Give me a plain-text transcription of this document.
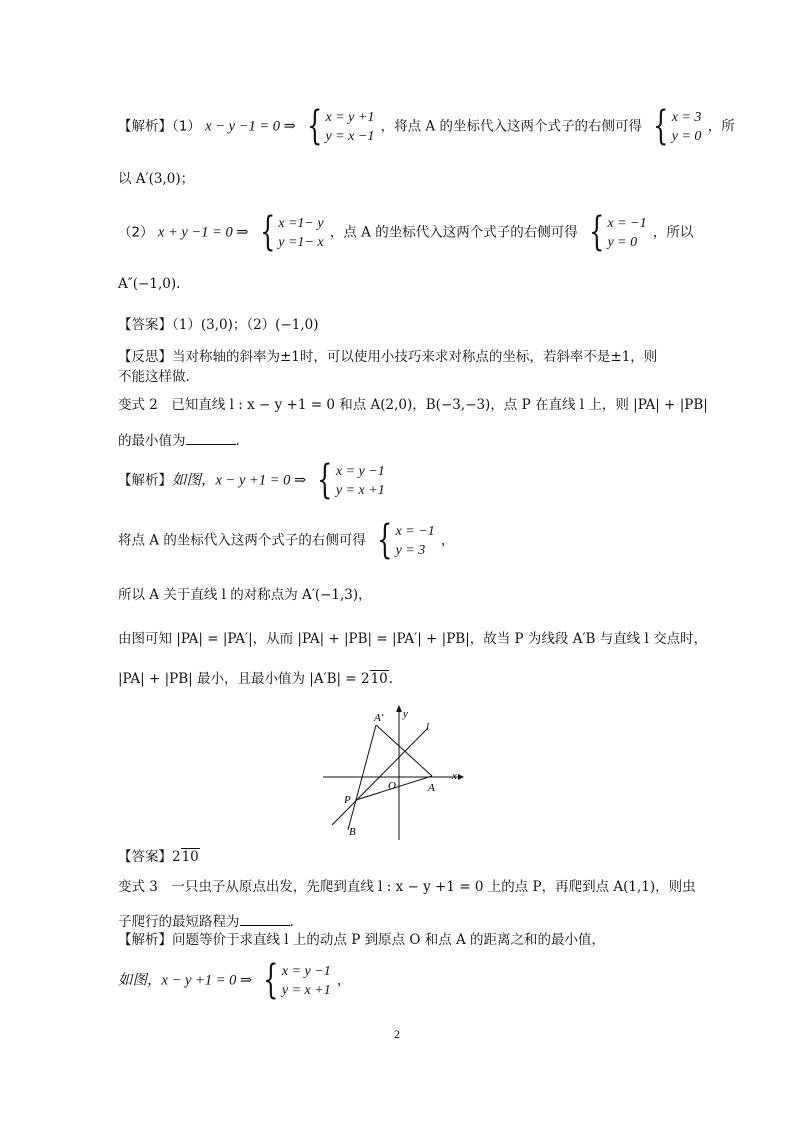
【解析】（1） x − y −1 = 0 ⇒ { x = y +1
y = x −1
，将点 A 的坐标代入这两个式子的右侧可得 { x = 3
y = 0
，所
以 A′(3,0)；
（2） x + y −1 = 0 ⇒ { x =1− y
y =1− x
，点 A 的坐标代入这两个式子的右侧可得 { x = −1
y = 0
，所以
A″(−1,0).
【答案】（1）(3,0)；（2）(−1,0)
【反思】当对称轴的斜率为±1时，可以使用小技巧来求对称点的坐标，若斜率不是±1，则
不能这样做.
变式 2　已知直线 l : x − y +1 = 0 和点 A(2,0)，B(−3,−3)，点 P 在直线 l 上，则 |PA| + |PB|
的最小值为	.
【解析】如图，x − y +1 = 0 ⇒ { x = y −1
y = x +1
将点 A 的坐标代入这两个式子的右侧可得 { x = −1
y = 3
，
所以 A 关于直线 l 的对称点为 A′(−1,3)，
由图可知 |PA| = |PA′|，从而 |PA| + |PB| = |PA′| + |PB|，故当 P 为线段 A′B 与直线 l 交点时，
|PA| + |PB| 最小，且最小值为 |A′B| = 210.
A′ y
l
x
O	A
P
B
【答案】210
变式 3　一只虫子从原点出发，先爬到直线 l : x − y +1 = 0 上的点 P，再爬到点 A(1,1)，则虫
子爬行的最短路程为	.
【解析】问题等价于求直线 l 上的动点 P 到原点 O 和点 A 的距离之和的最小值，
如图，x − y +1 = 0 ⇒ { x = y −1
y = x +1
，
2
